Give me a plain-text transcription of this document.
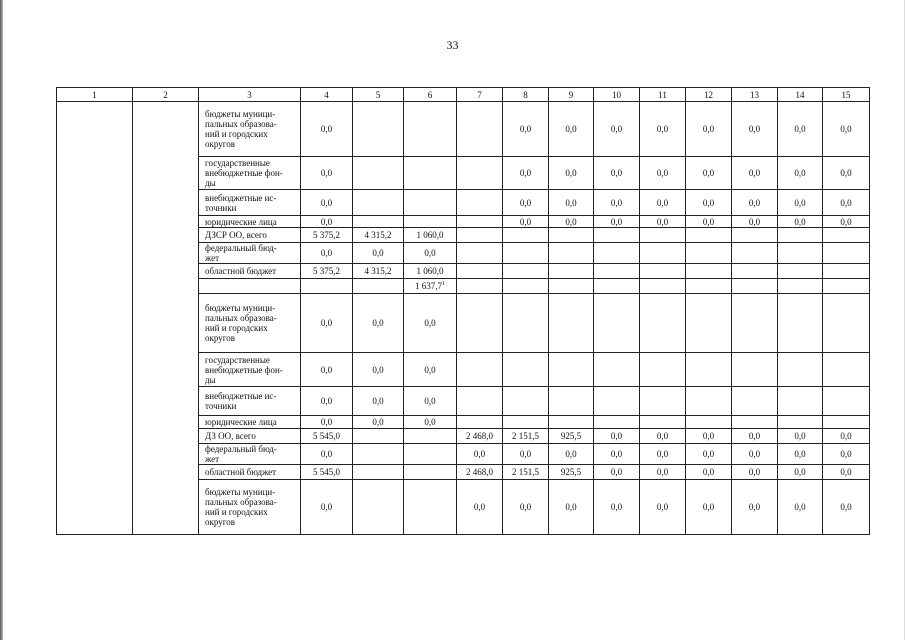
33
1	2	3	4	5	6	7	8	9	10	11	12	13	14	15
		бюджеты муници-
пальных образова-
ний и городских
округов	0,0				0,0	0,0	0,0	0,0	0,0	0,0	0,0	0,0
		государственные
внебюджетные фон-
ды	0,0				0,0	0,0	0,0	0,0	0,0	0,0	0,0	0,0
		внебюджетные ис-
точники	0,0				0,0	0,0	0,0	0,0	0,0	0,0	0,0	0,0
		юридические лица	0,0				0,0	0,0	0,0	0,0	0,0	0,0	0,0	0,0
		ДЗСР ОО, всего	5 375,2	4 315,2	1 060,0									
		федеральный бюд-
жет	0,0	0,0	0,0									
		областной бюджет	5 375,2	4 315,2	1 060,0									
					1 637,7$^1$									
		бюджеты муници-
пальных образова-
ний и городских
округов	0,0	0,0	0,0									
		государственные
внебюджетные фон-
ды	0,0	0,0	0,0									
		внебюджетные ис-
точники	0,0	0,0	0,0									
		юридические лица	0,0	0,0	0,0									
		ДЗ ОО, всего	5 545,0			2 468,0	2 151,5	925,5	0,0	0,0	0,0	0,0	0,0	0,0
		федеральный бюд-
жет	0,0			0,0	0,0	0,0	0,0	0,0	0,0	0,0	0,0	0,0
		областной бюджет	5 545,0			2 468,0	2 151,5	925,5	0,0	0,0	0,0	0,0	0,0	0,0
		бюджеты муници-
пальных образова-
ний и городских
округов	0,0			0,0	0,0	0,0	0,0	0,0	0,0	0,0	0,0	0,0
